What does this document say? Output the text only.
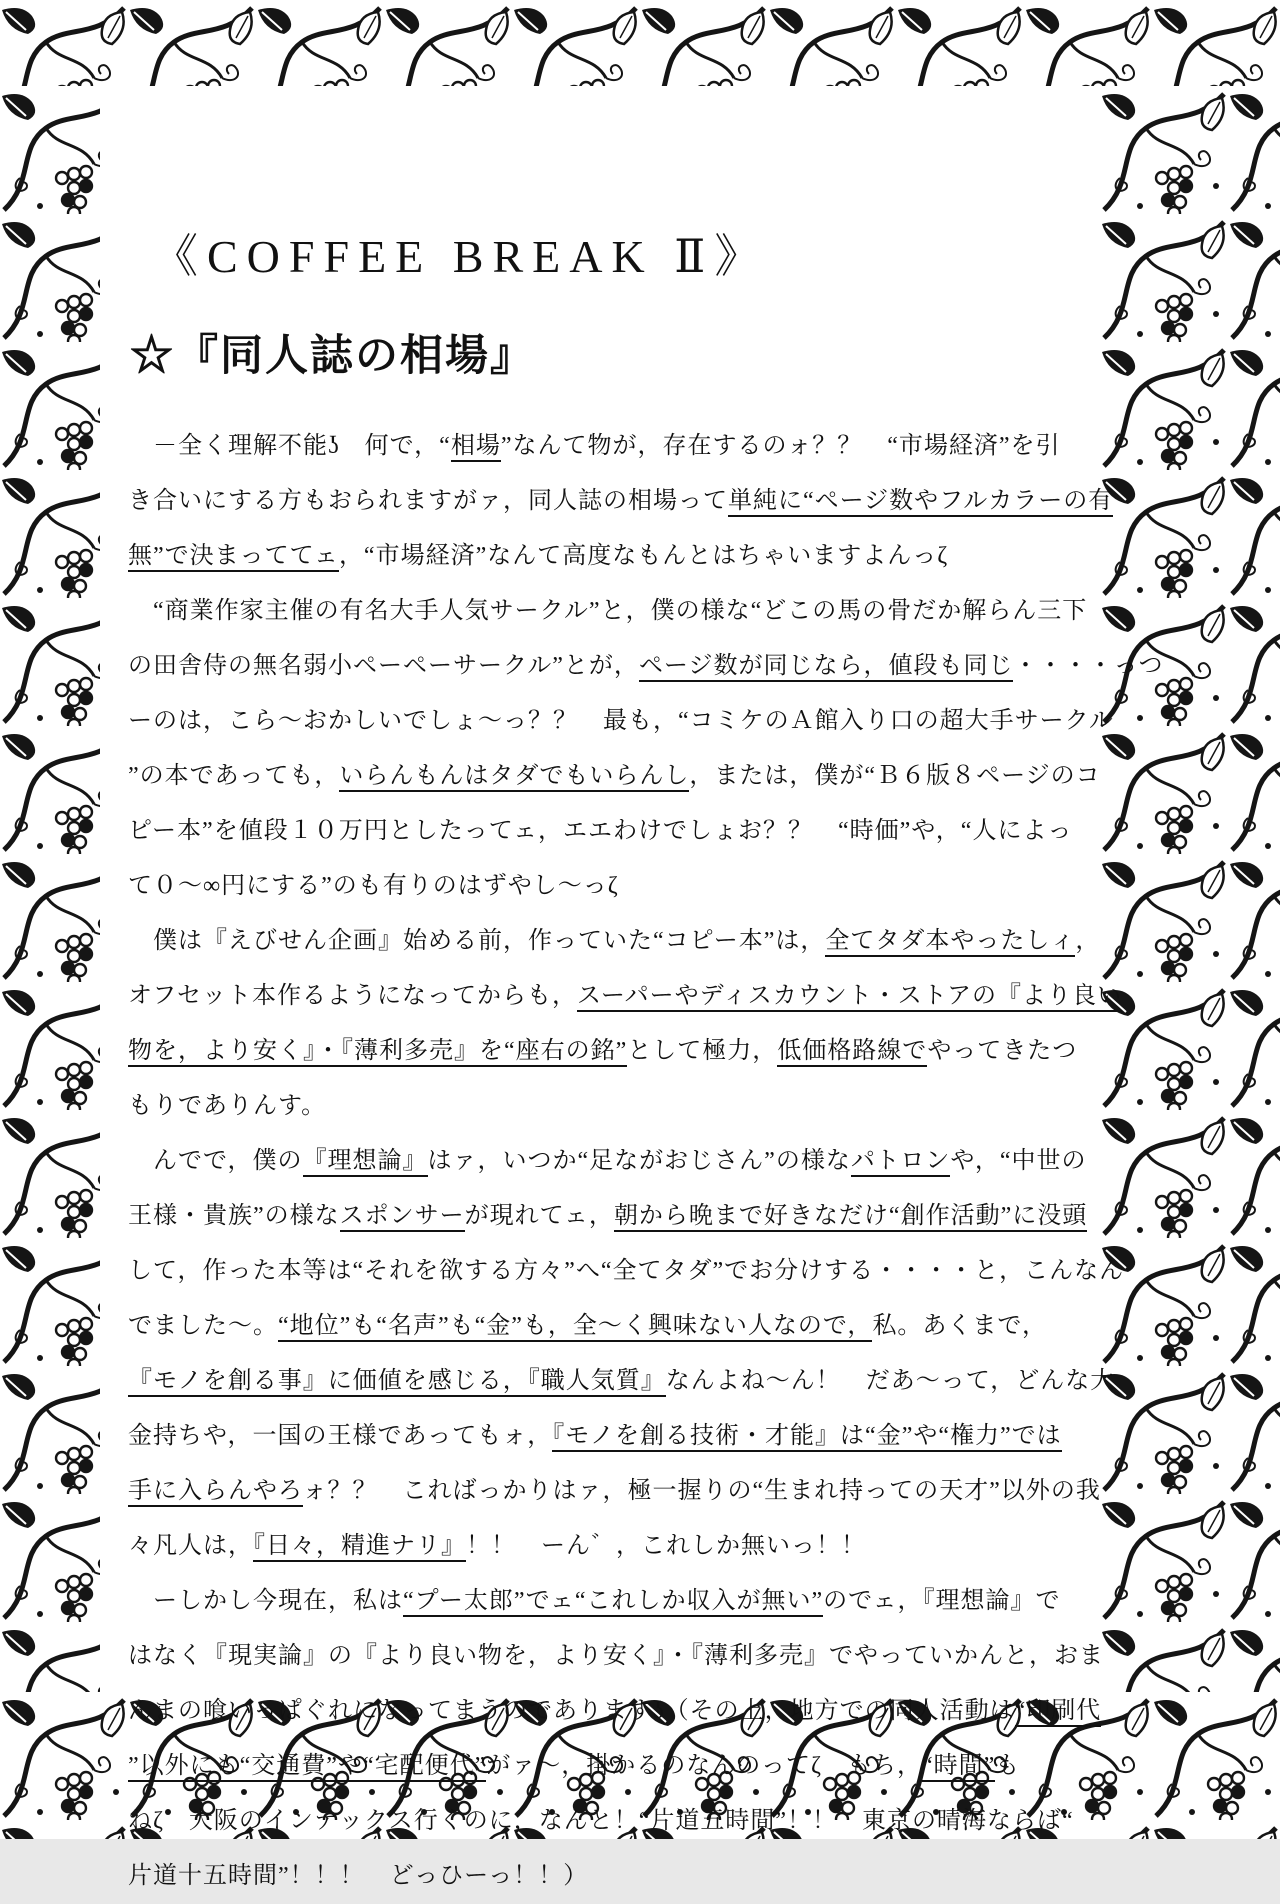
《COFFEE BREAK Ⅱ》
☆『同人誌の相場』
　－全く理解不能ʖ　何で，“相場”なんて物が，存在するのォ？？　“市場経済”を引
き合いにする方もおられますがァ，同人誌の相場って単純に“ページ数やフルカラーの有
無”で決まっててェ，“市場経済”なんて高度なもんとはちゃいますよんっζ
　“商業作家主催の有名大手人気サークル”と，僕の様な“どこの馬の骨だか解らん三下
の田舎侍の無名弱小ペーペーサークル”とが，ページ数が同じなら，値段も同じ・・・・っつ
ーのは，こら～おかしいでしょ～っ？？　最も，“コミケのＡ館入り口の超大手サークル
”の本であっても，いらんもんはタダでもいらんし，または，僕が“Ｂ６版８ページのコ
ピー本”を値段１０万円としたってェ，エエわけでしょお？？　“時価”や，“人によっ
て０～∞円にする”のも有りのはずやし～っζ
　僕は『えびせん企画』始める前，作っていた“コピー本”は，全てタダ本やったしィ，
オフセット本作るようになってからも，スーパーやディスカウント・ストアの『より良い
物を，より安く』・『薄利多売』を“座右の銘”として極力，低価格路線でやってきたつ
もりでありんす。
　んでで，僕の『理想論』はァ，いつか“足ながおじさん”の様なパトロンや，“中世の
王様・貴族”の様なスポンサーが現れてェ，朝から晩まで好きなだけ“創作活動”に没頭
して，作った本等は“それを欲する方々”へ“全てタダ”でお分けする・・・・と，こんなん
でました～。“地位”も“名声”も“金”も，全～く興味ない人なので，私。あくまで，
『モノを創る事』に価値を感じる，『職人気質』なんよね～ん！　だあ～って，どんな大
金持ちや，一国の王様であってもォ，『モノを創る技術・才能』は“金”や“権力”では
手に入らんやろォ？？　こればっかりはァ，極一握りの“生まれ持っての天才”以外の我
々凡人は，『日々，精進ナリ』！！　ーん゛，これしか無いっ！！
　ーしかし今現在，私は“プー太郎”でェ“これしか収入が無い”のでェ，『理想論』で
はなく『現実論』の『より良い物を，より安く』・『薄利多売』でやっていかんと，おま
んまの喰いっぱぐれになってまうのでありますʖ（その上，地方での同人活動は“印刷代
”以外にも“交通費”や“宅配便代”がァ～，掛かるのなんのってζ　もち，“時間”も
ねζ　大阪のインテックス行くのに，なんと！“片道五時間”！！　東京の晴海ならば“
片道十五時間”！！！　どっひーっ！！）
